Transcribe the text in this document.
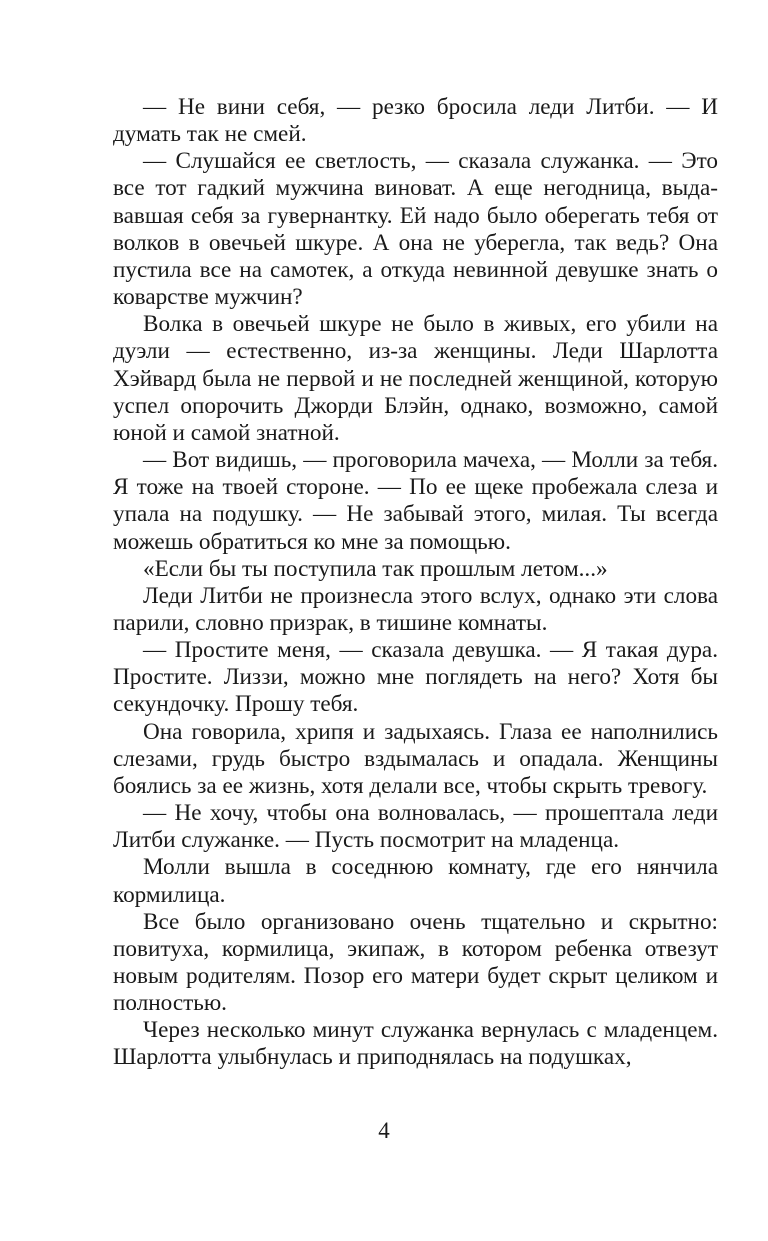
— Не вини себя, — резко бросила леди Литби. — И думать так не смей.

— Слушайся ее светлость, — сказала служанка. — Это все тот гадкий мужчина виноват. А еще негодница, выдававшая себя за гувернантку. Ей надо было оберегать тебя от волков в овечьей шкуре. А она не уберегла, так ведь? Она пустила все на самотек, а откуда невинной девушке знать о коварстве мужчин?

Волка в овечьей шкуре не было в живых, его убили на дуэли — естественно, из-за женщины. Леди Шарлотта Хэйвард была не первой и не последней женщиной, которую успел опорочить Джорди Блэйн, однако, возможно, самой юной и самой знатной.

— Вот видишь, — проговорила мачеха, — Молли за тебя. Я тоже на твоей стороне. — По ее щеке пробежала слеза и упала на подушку. — Не забывай этого, милая. Ты всегда можешь обратиться ко мне за помощью.

«Если бы ты поступила так прошлым летом...»

Леди Литби не произнесла этого вслух, однако эти слова парили, словно призрак, в тишине комнаты.

— Простите меня, — сказала девушка. — Я такая дура. Простите. Лиззи, можно мне поглядеть на него? Хотя бы секундочку. Прошу тебя.

Она говорила, хрипя и задыхаясь. Глаза ее наполнились слезами, грудь быстро вздымалась и опадала. Женщины боялись за ее жизнь, хотя делали все, чтобы скрыть тревогу.

— Не хочу, чтобы она волновалась, — прошептала леди Литби служанке. — Пусть посмотрит на младенца.

Молли вышла в соседнюю комнату, где его нянчила кормилица.

Все было организовано очень тщательно и скрытно: повитуха, кормилица, экипаж, в котором ребенка отвезут новым родителям. Позор его матери будет скрыт целиком и полностью.

Через несколько минут служанка вернулась с младенцем. Шарлотта улыбнулась и приподнялась на подушках,

4
